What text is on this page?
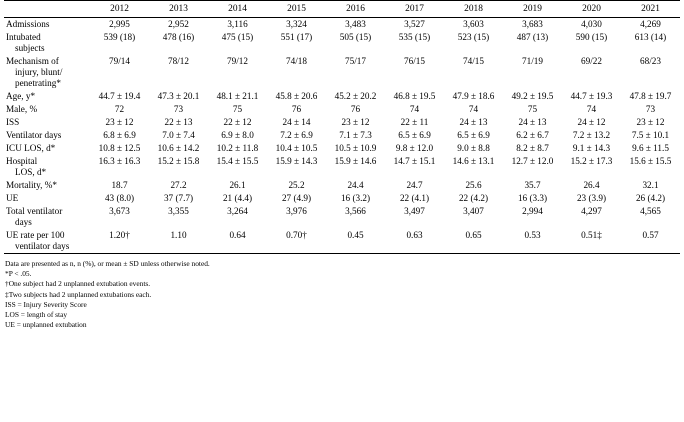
	2012	2013	2014	2015	2016	2017	2018	2019	2020	2021
Admissions	2,995	2,952	3,116	3,324	3,483	3,527	3,603	3,683	4,030	4,269
Intubated
subjects	539 (18)	478 (16)	475 (15)	551 (17)	505 (15)	535 (15)	523 (15)	487 (13)	590 (15)	613 (14)
Mechanism of
injury, blunt/ penetrating*	79/14	78/12	79/12	74/18	75/17	76/15	74/15	71/19	69/22	68/23
Age, y*	44.7 ± 19.4	47.3 ± 20.1	48.1 ± 21.1	45.8 ± 20.6	45.2 ± 20.2	46.8 ± 19.5	47.9 ± 18.6	49.2 ± 19.5	44.7 ± 19.3	47.8 ± 19.7
Male, %	72	73	75	76	76	74	74	75	74	73
ISS	23 ± 12	22 ± 13	22 ± 12	24 ± 14	23 ± 12	22 ± 11	24 ± 13	24 ± 13	24 ± 12	23 ± 12
Ventilator days	6.8 ± 6.9	7.0 ± 7.4	6.9 ± 8.0	7.2 ± 6.9	7.1 ± 7.3	6.5 ± 6.9	6.5 ± 6.9	6.2 ± 6.7	7.2 ± 13.2	7.5 ± 10.1
ICU LOS, d*	10.8 ± 12.5	10.6 ± 14.2	10.2 ± 11.8	10.4 ± 10.5	10.5 ± 10.9	9.8 ± 12.0	9.0 ± 8.8	8.2 ± 8.7	9.1 ± 14.3	9.6 ± 11.5
Hospital
LOS, d*	16.3 ± 16.3	15.2 ± 15.8	15.4 ± 15.5	15.9 ± 14.3	15.9 ± 14.6	14.7 ± 15.1	14.6 ± 13.1	12.7 ± 12.0	15.2 ± 17.3	15.6 ± 15.5
Mortality, %*	18.7	27.2	26.1	25.2	24.4	24.7	25.6	35.7	26.4	32.1
UE	43 (8.0)	37 (7.7)	21 (4.4)	27 (4.9)	16 (3.2)	22 (4.1)	22 (4.2)	16 (3.3)	23 (3.9)	26 (4.2)
Total ventilator
days	3,673	3,355	3,264	3,976	3,566	3,497	3,407	2,994	4,297	4,565
UE rate per 100
ventilator days	1.20†	1.10	0.64	0.70†	0.45	0.63	0.65	0.53	0.51‡	0.57
Data are presented as n, n (%), or mean ± SD unless otherwise noted.
*P < .05.
†One subject had 2 unplanned extubation events.
‡Two subjects had 2 unplanned extubations each.
ISS = Injury Severity Score
LOS = length of stay
UE = unplanned extubation
